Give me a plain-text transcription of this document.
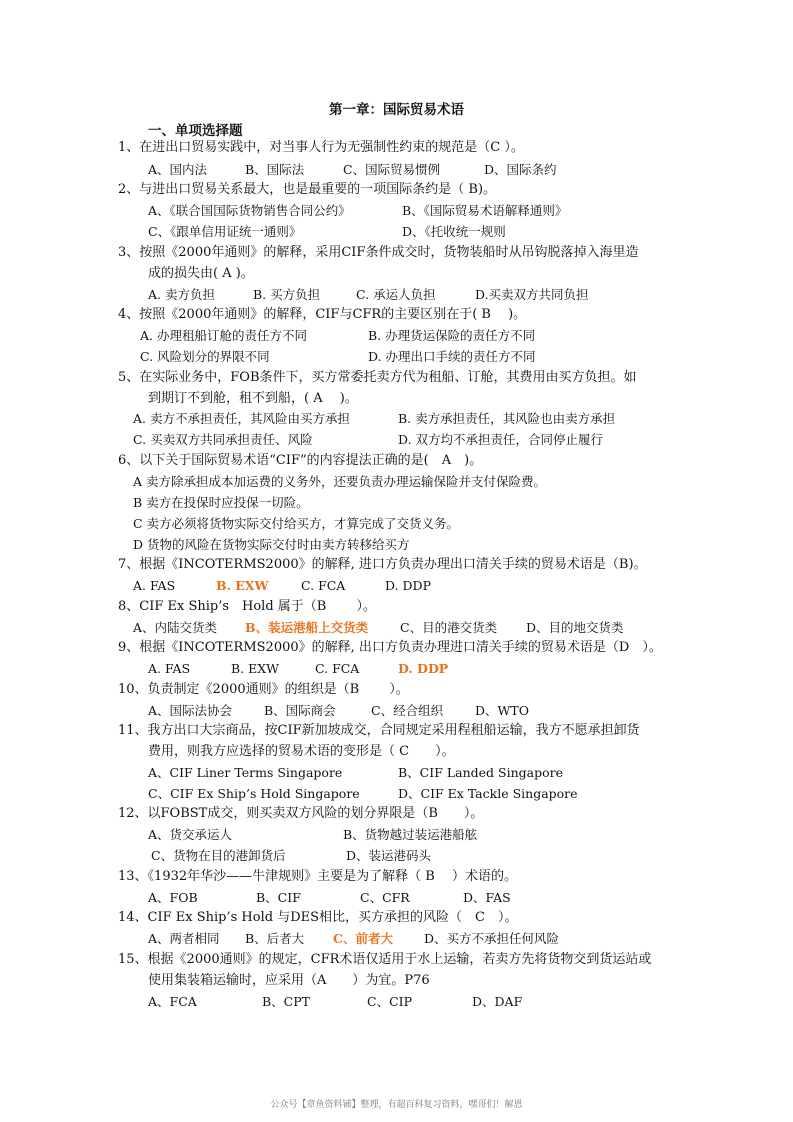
第一章：国际贸易术语
一、单项选择题
1、在进出口贸易实践中，对当事人行为无强制性约束的规范是（C ）。
A、国内法	B、国际法	C、国际贸易惯例	D、国际条约
2、与进出口贸易关系最大，也是最重要的一项国际条约是（ B)。
A、《联合国国际货物销售合同公约》	B、《国际贸易术语解释通则》
C、《跟单信用证统一通则》	D、《托收统一规则
3、按照《2000年通则》的解释，采用CIF条件成交时，货物装船时从吊钩脱落掉入海里造
成的损失由( A )。
A. 卖方负担	B. 买方负担	C. 承运人负担	D.买卖双方共同负担
4、按照《2000年通则》的解释，CIF与CFR的主要区别在于( B　 )。
A. 办理租船订舱的责任方不同	B. 办理货运保险的责任方不同
C. 风险划分的界限不同	D. 办理出口手续的责任方不同
5、在实际业务中，FOB条件下，买方常委托卖方代为租船、订舱，其费用由买方负担。如
到期订不到舱，租不到船，( A　 )。
A. 卖方不承担责任，其风险由买方承担	B. 卖方承担责任，其风险也由卖方承担
C. 买卖双方共同承担责任、风险	D. 双方均不承担责任，合同停止履行
6、以下关于国际贸易术语“CIF”的内容提法正确的是(　A　)。
A 卖方除承担成本加运费的义务外，还要负责办理运输保险并支付保险费。
B 卖方在投保时应投保一切险。
C 卖方必须将货物实际交付给买方，才算完成了交货义务。
D 货物的风险在货物实际交付时由卖方转移给买方
7、根据《INCOTERMS2000》的解释, 进口方负责办理出口清关手续的贸易术语是（B)。
A. FAS	B. EXW	C. FCA	D. DDP
8、CIF Ex Ship’s　Hold 属于（B　　 ）。
A、内陆交货类 B、装运港船上交货类	C、目的港交货类 D、目的地交货类
9、根据《INCOTERMS2000》的解释, 出口方负责办理进口清关手续的贸易术语是（D　）。
A. FAS	B. EXW	C. FCA	D. DDP
10、负责制定《2000通则》的组织是（B　　 ）。
A、国际法协会	B、国际商会	C、经合组织	D、WTO
11、我方出口大宗商品，按CIF新加坡成交，合同规定采用程租船运输，我方不愿承担卸货
费用，则我方应选择的贸易术语的变形是（ C　　）。
A、CIF Liner Terms Singapore	B、CIF Landed Singapore
C、CIF Ex Ship’s Hold Singapore	D、CIF Ex Tackle Singapore
12、以FOBST成交，则买卖双方风险的划分界限是（B　　）。
A、货交承运人	B、货物越过装运港船舷
C、货物在目的港卸货后	D、装运港码头
13、《1932年华沙——牛津规则》主要是为了解释（ B　 ）术语的。
A、FOB	B、CIF	C、CFR	D、FAS
14、CIF Ex Ship’s Hold 与DES相比，买方承担的风险（　C　）。
A、两者相同 B、后者大 C、前者大 D、买方不承担任何风险
15、根据《2000通则》的规定，CFR术语仅适用于水上运输，若卖方先将货物交到货运站或
使用集装箱运输时，应采用（A　　）为宜。P76
A、FCA	B、CPT	C、CIP	D、DAF
公众号【章鱼资料铺】整理，有超百科复习资料，嘿哥们！解恩
